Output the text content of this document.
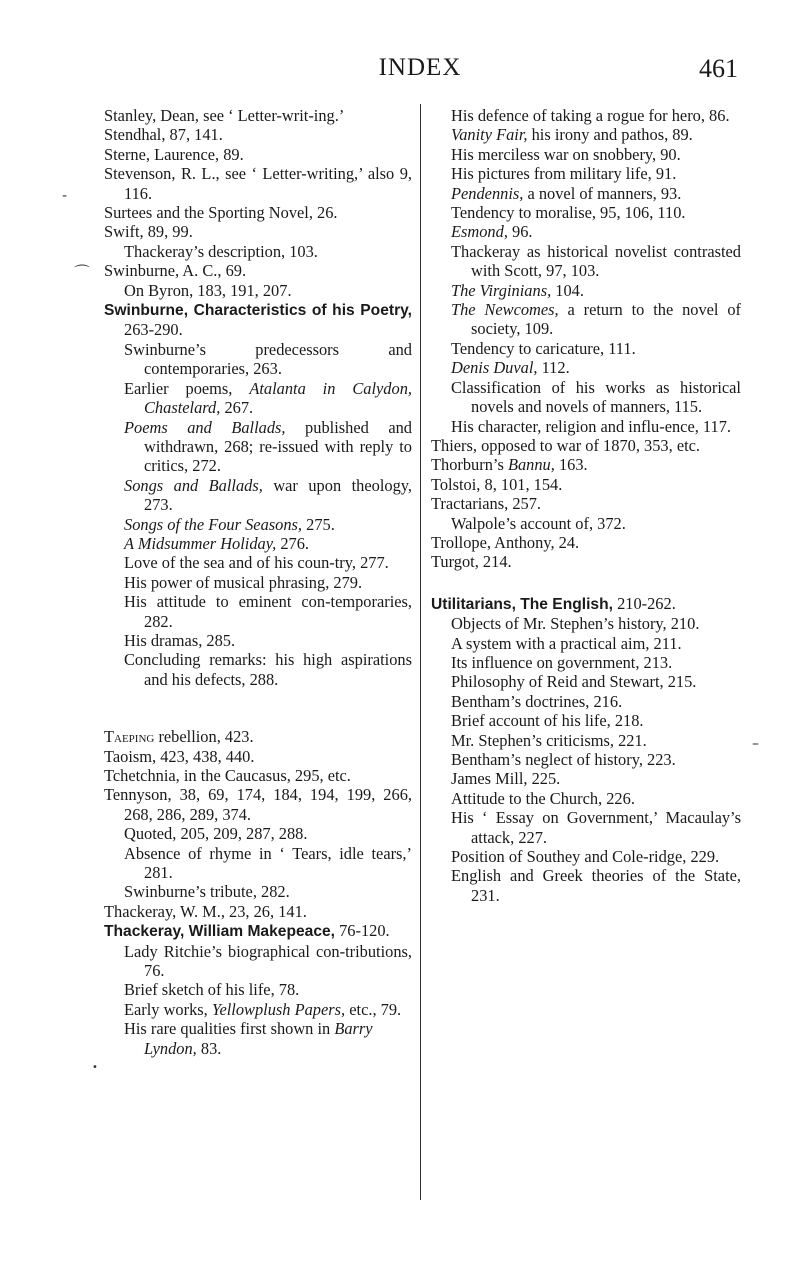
INDEX	461
-
⌒
–
•
Stanley, Dean, see ‘ Letter-writ-ing.’
Stendhal, 87, 141.
Sterne, Laurence, 89.
Stevenson, R. L., see ‘ Letter-writing,’ also 9, 116.
Surtees and the Sporting Novel, 26.
Swift, 89, 99.
Thackeray’s description, 103.
Swinburne, A. C., 69.
On Byron, 183, 191, 207.
Swinburne, Characteristics of his Poetry, 263-290.
Swinburne’s predecessors and contemporaries, 263.
Earlier poems, Atalanta in Calydon, Chastelard, 267.
Poems and Ballads, published and withdrawn, 268; re-issued with reply to critics, 272.
Songs and Ballads, war upon theology, 273.
Songs of the Four Seasons, 275.
A Midsummer Holiday, 276.
Love of the sea and of his coun-try, 277.
His power of musical phrasing, 279.
His attitude to eminent con-temporaries, 282.
His dramas, 285.
Concluding remarks: his high aspirations and his defects, 288.
Taeping rebellion, 423.
Taoism, 423, 438, 440.
Tchetchnia, in the Caucasus, 295, etc.
Tennyson, 38, 69, 174, 184, 194, 199, 266, 268, 286, 289, 374.
Quoted, 205, 209, 287, 288.
Absence of rhyme in ‘ Tears, idle tears,’ 281.
Swinburne’s tribute, 282.
Thackeray, W. M., 23, 26, 141.
Thackeray, William Makepeace, 76-120.
Lady Ritchie’s biographical con-tributions, 76.
Brief sketch of his life, 78.
Early works, Yellowplush Papers, etc., 79.
His rare qualities first shown in Barry Lyndon, 83.
His defence of taking a rogue for hero, 86.
Vanity Fair, his irony and pathos, 89.
His merciless war on snobbery, 90.
His pictures from military life, 91.
Pendennis, a novel of manners, 93.
Tendency to moralise, 95, 106, 110.
Esmond, 96.
Thackeray as historical novelist contrasted with Scott, 97, 103.
The Virginians, 104.
The Newcomes, a return to the novel of society, 109.
Tendency to caricature, 111.
Denis Duval, 112.
Classification of his works as historical novels and novels of manners, 115.
His character, religion and influ-ence, 117.
Thiers, opposed to war of 1870, 353, etc.
Thorburn’s Bannu, 163.
Tolstoi, 8, 101, 154.
Tractarians, 257.
Walpole’s account of, 372.
Trollope, Anthony, 24.
Turgot, 214.
Utilitarians, The English, 210-262.
Objects of Mr. Stephen’s history, 210.
A system with a practical aim, 211.
Its influence on government, 213.
Philosophy of Reid and Stewart, 215.
Bentham’s doctrines, 216.
Brief account of his life, 218.
Mr. Stephen’s criticisms, 221.
Bentham’s neglect of history, 223.
James Mill, 225.
Attitude to the Church, 226.
His ‘ Essay on Government,’ Macaulay’s attack, 227.
Position of Southey and Cole-ridge, 229.
English and Greek theories of the State, 231.
